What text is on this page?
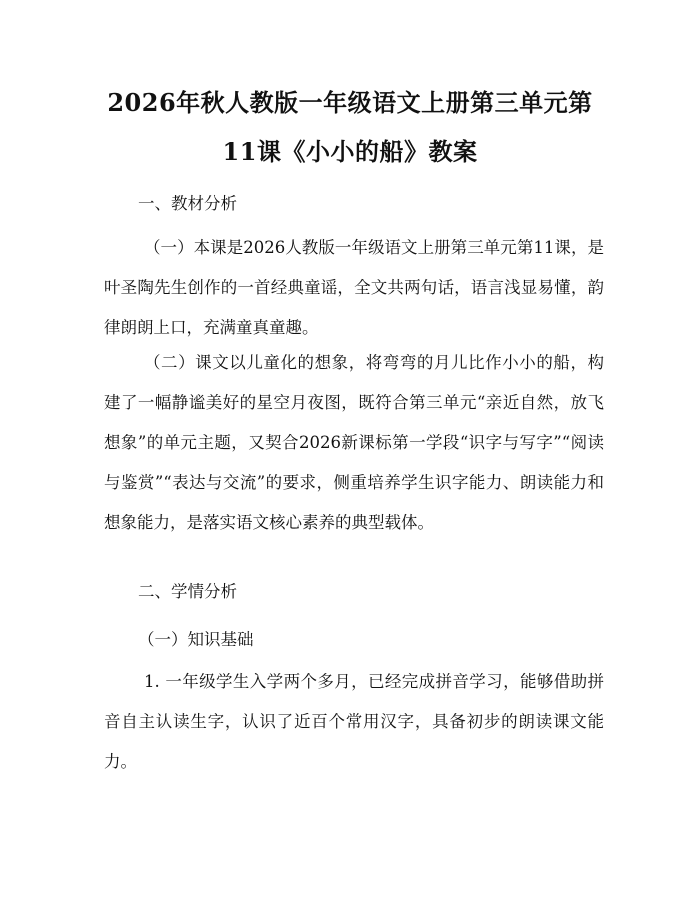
2026年秋人教版一年级语文上册第三单元第
11课《小小的船》教案
一、教材分析
（一）本课是2026人教版一年级语文上册第三单元第11课，是叶圣陶先生创作的一首经典童谣，全文共两句话，语言浅显易懂，韵律朗朗上口，充满童真童趣。
（二）课文以儿童化的想象，将弯弯的月儿比作小小的船，构建了一幅静谧美好的星空月夜图，既符合第三单元“亲近自然，放飞想象”的单元主题，又契合2026新课标第一学段“识字与写字”“阅读与鉴赏”“表达与交流”的要求，侧重培养学生识字能力、朗读能力和想象能力，是落实语文核心素养的典型载体。
二、学情分析
（一）知识基础
1. 一年级学生入学两个多月，已经完成拼音学习，能够借助拼音自主认读生字，认识了近百个常用汉字，具备初步的朗读课文能力。
